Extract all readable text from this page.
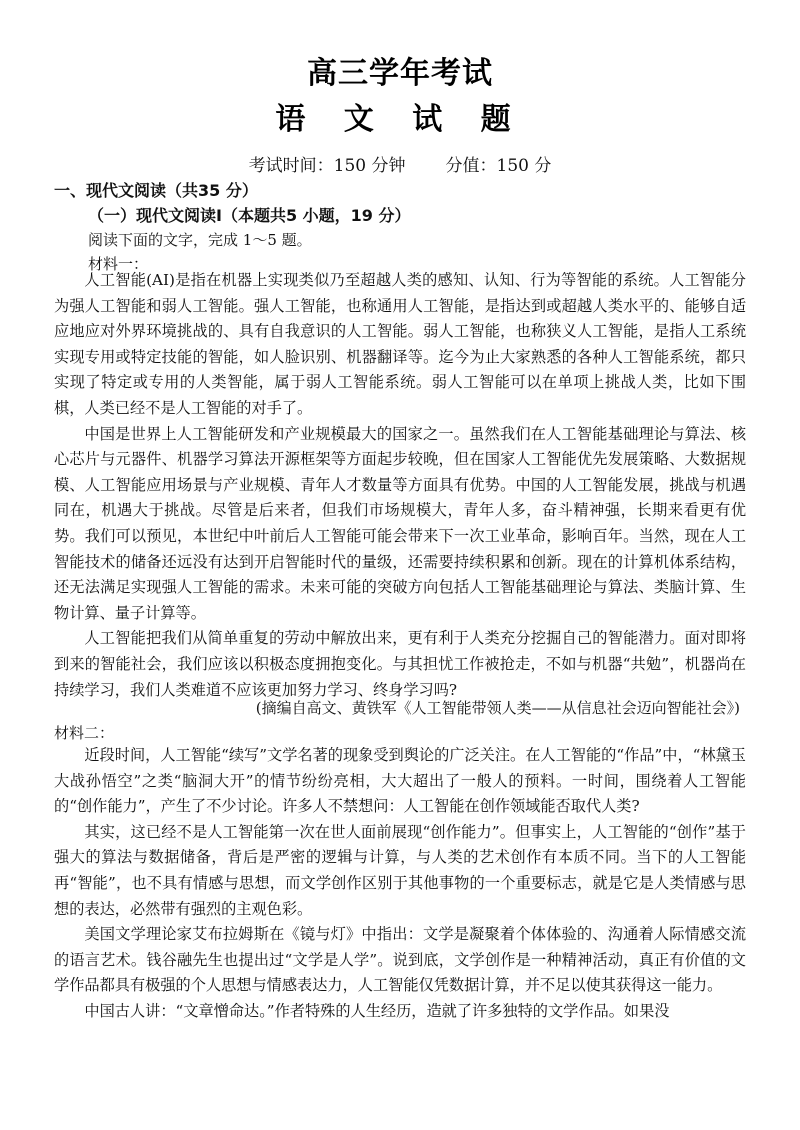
高三学年考试
语 文 试 题
考试时间：150 分钟 分值：150 分
一、现代文阅读（共35 分）
（一）现代文阅读Ⅰ（本题共5 小题，19 分）
阅读下面的文字，完成 1～5 题。
材料一：

人工智能(AI)是指在机器上实现类似乃至超越人类的感知、认知、行为等智能的系统。人工智能分为强人工智能和弱人工智能。强人工智能，也称通用人工智能，是指达到或超越人类水平的、能够自适应地应对外界环境挑战的、具有自我意识的人工智能。弱人工智能，也称狭义人工智能，是指人工系统实现专用或特定技能的智能，如人脸识别、机器翻译等。迄今为止大家熟悉的各种人工智能系统，都只实现了特定或专用的人类智能，属于弱人工智能系统。弱人工智能可以在单项上挑战人类，比如下围棋，人类已经不是人工智能的对手了。

中国是世界上人工智能研发和产业规模最大的国家之一。虽然我们在人工智能基础理论与算法、核心芯片与元器件、机器学习算法开源框架等方面起步较晚，但在国家人工智能优先发展策略、大数据规模、人工智能应用场景与产业规模、青年人才数量等方面具有优势。中国的人工智能发展，挑战与机遇同在，机遇大于挑战。尽管是后来者，但我们市场规模大，青年人多，奋斗精神强，长期来看更有优势。我们可以预见，本世纪中叶前后人工智能可能会带来下一次工业革命，影响百年。当然，现在人工智能技术的储备还远没有达到开启智能时代的量级，还需要持续积累和创新。现在的计算机体系结构，还无法满足实现强人工智能的需求。未来可能的突破方向包括人工智能基础理论与算法、类脑计算、生物计算、量子计算等。

人工智能把我们从简单重复的劳动中解放出来，更有利于人类充分挖掘自己的智能潜力。面对即将到来的智能社会，我们应该以积极态度拥抱变化。与其担忧工作被抢走，不如与机器“共勉”，机器尚在持续学习，我们人类难道不应该更加努力学习、终身学习吗?

(摘编自高文、黄铁军《人工智能带领人类——从信息社会迈向智能社会》)
材料二：

近段时间，人工智能“续写”文学名著的现象受到舆论的广泛关注。在人工智能的“作品”中，“林黛玉大战孙悟空”之类“脑洞大开”的情节纷纷亮相，大大超出了一般人的预料。一时间，围绕着人工智能的“创作能力”，产生了不少讨论。许多人不禁想问：人工智能在创作领域能否取代人类?

其实，这已经不是人工智能第一次在世人面前展现“创作能力”。但事实上，人工智能的“创作”基于强大的算法与数据储备，背后是严密的逻辑与计算，与人类的艺术创作有本质不同。当下的人工智能再“智能”，也不具有情感与思想，而文学创作区别于其他事物的一个重要标志，就是它是人类情感与思想的表达，必然带有强烈的主观色彩。

美国文学理论家艾布拉姆斯在《镜与灯》中指出：文学是凝聚着个体体验的、沟通着人际情感交流的语言艺术。钱谷融先生也提出过“文学是人学”。说到底，文学创作是一种精神活动，真正有价值的文学作品都具有极强的个人思想与情感表达力，人工智能仅凭数据计算，并不足以使其获得这一能力。

中国古人讲：“文章憎命达。”作者特殊的人生经历，造就了许多独特的文学作品。如果没
